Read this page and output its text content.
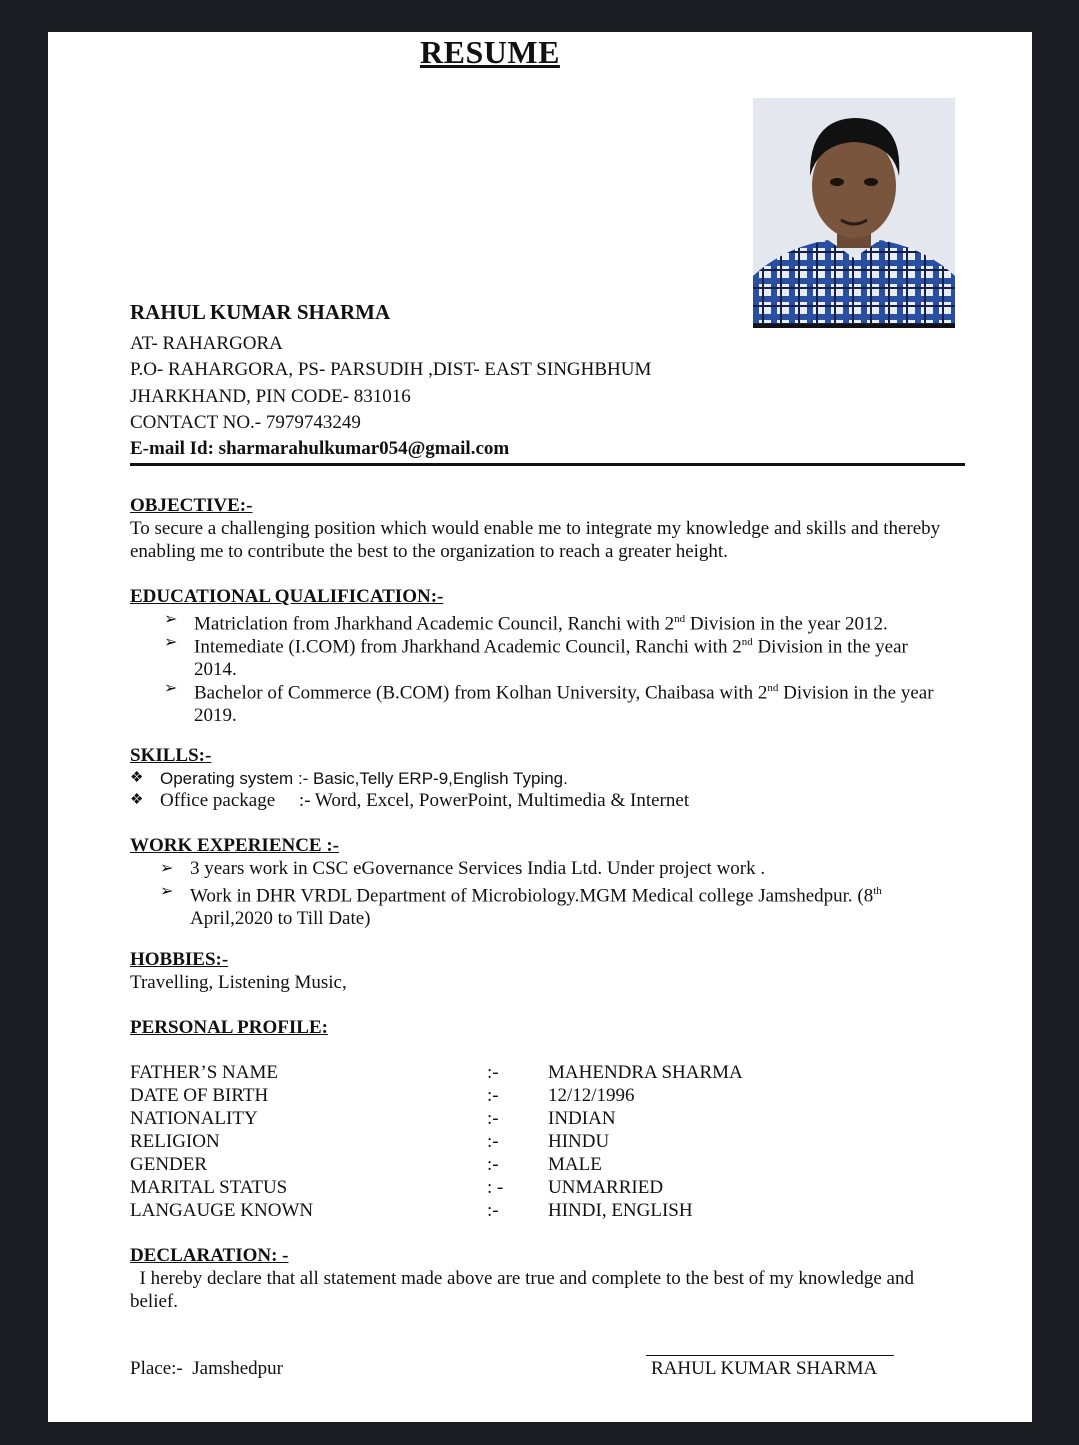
RESUME
RAHUL KUMAR SHARMA
AT- RAHARGORA
P.O- RAHARGORA, PS- PARSUDIH ,DIST- EAST SINGHBHUM
JHARKHAND, PIN CODE- 831016
CONTACT NO.- 7979743249
E-mail Id: sharmarahulkumar054@gmail.com
OBJECTIVE:-
To secure a challenging position which would enable me to integrate my knowledge and skills and thereby enabling me to contribute the best to the organization to reach a greater height.
EDUCATIONAL QUALIFICATION:-
➢ Matriclation from Jharkhand Academic Council, Ranchi with 2nd Division in the year 2012.
➢ Intemediate (I.COM) from Jharkhand Academic Council, Ranchi with 2nd Division in the year 2014.
➢ Bachelor of Commerce (B.COM) from Kolhan University, Chaibasa with 2nd Division in the year 2019.
SKILLS:-
❖ Operating system :- Basic,Telly ERP-9,English Typing.
❖ Office package     :- Word, Excel, PowerPoint, Multimedia & Internet
WORK EXPERIENCE :-
➢ 3 years work in CSC eGovernance Services India Ltd. Under project work .
➢ Work in DHR VRDL Department of Microbiology.MGM Medical college Jamshedpur. (8th April,2020 to Till Date)
HOBBIES:-
Travelling, Listening Music,
PERSONAL PROFILE:
FATHER’S NAME	:-	MAHENDRA SHARMA
DATE OF BIRTH	:-	12/12/1996
NATIONALITY	:-	INDIAN
RELIGION	:-	HINDU
GENDER	:-	MALE
MARITAL STATUS	: - UNMARRIED
LANGAUGE KNOWN	:-	HINDI, ENGLISH
DECLARATION: -
I hereby declare that all statement made above are true and complete to the best of my knowledge and belief.
Place:-  Jamshedpur	RAHUL KUMAR SHARMA
